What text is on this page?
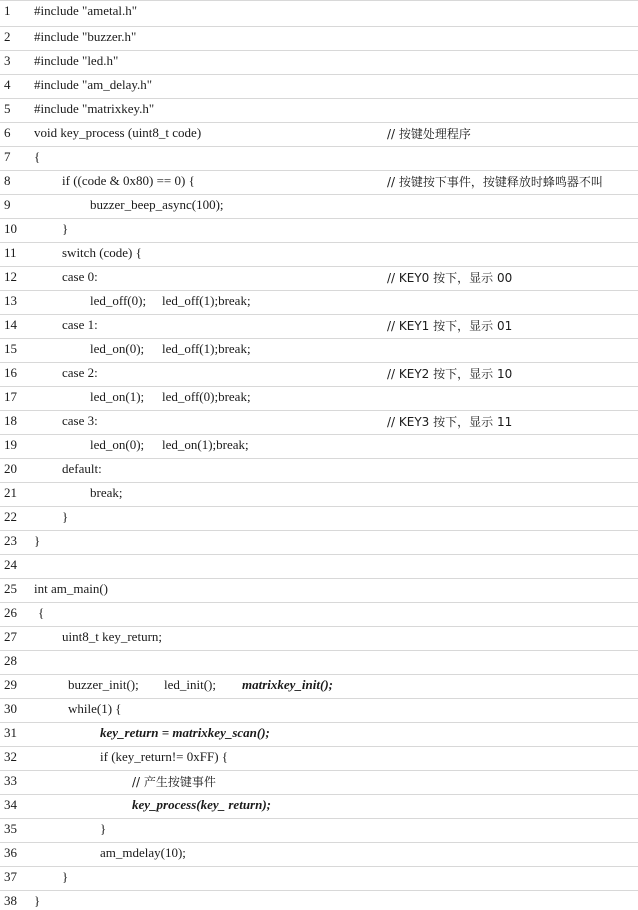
1 #include "ametal.h"
2 #include "buzzer.h"
3 #include "led.h"
4 #include "am_delay.h"
5 #include "matrixkey.h"
6 void key_process (uint8_t code)	// 按键处理程序
7 {
8	if ((code & 0x80) == 0) {	// 按键按下事件，按键释放时蜂鸣器不叫
9	buzzer_beep_async(100);
10	}
11	switch (code) {
12	case 0:	// KEY0 按下，显示 00
13	led_off(0); led_off(1);break;
14	case 1:	// KEY1 按下，显示 01
15	led_on(0); led_off(1);break;
16	case 2:	// KEY2 按下，显示 10
17	led_on(1); led_off(0);break;
18	case 3:	// KEY3 按下，显示 11
19	led_on(0); led_on(1);break;
20	default:
21	break;
22	}
23 }
24
25 int am_main()
26 {
27	uint8_t key_return;
28
29	buzzer_init(); led_init(); matrixkey_init();
30	while(1) {
31	key_return = matrixkey_scan();
32	if (key_return!= 0xFF) {
33	// 产生按键事件
34	key_process(key_ return);
35	}
36	am_mdelay(10);
37	}
38 }
